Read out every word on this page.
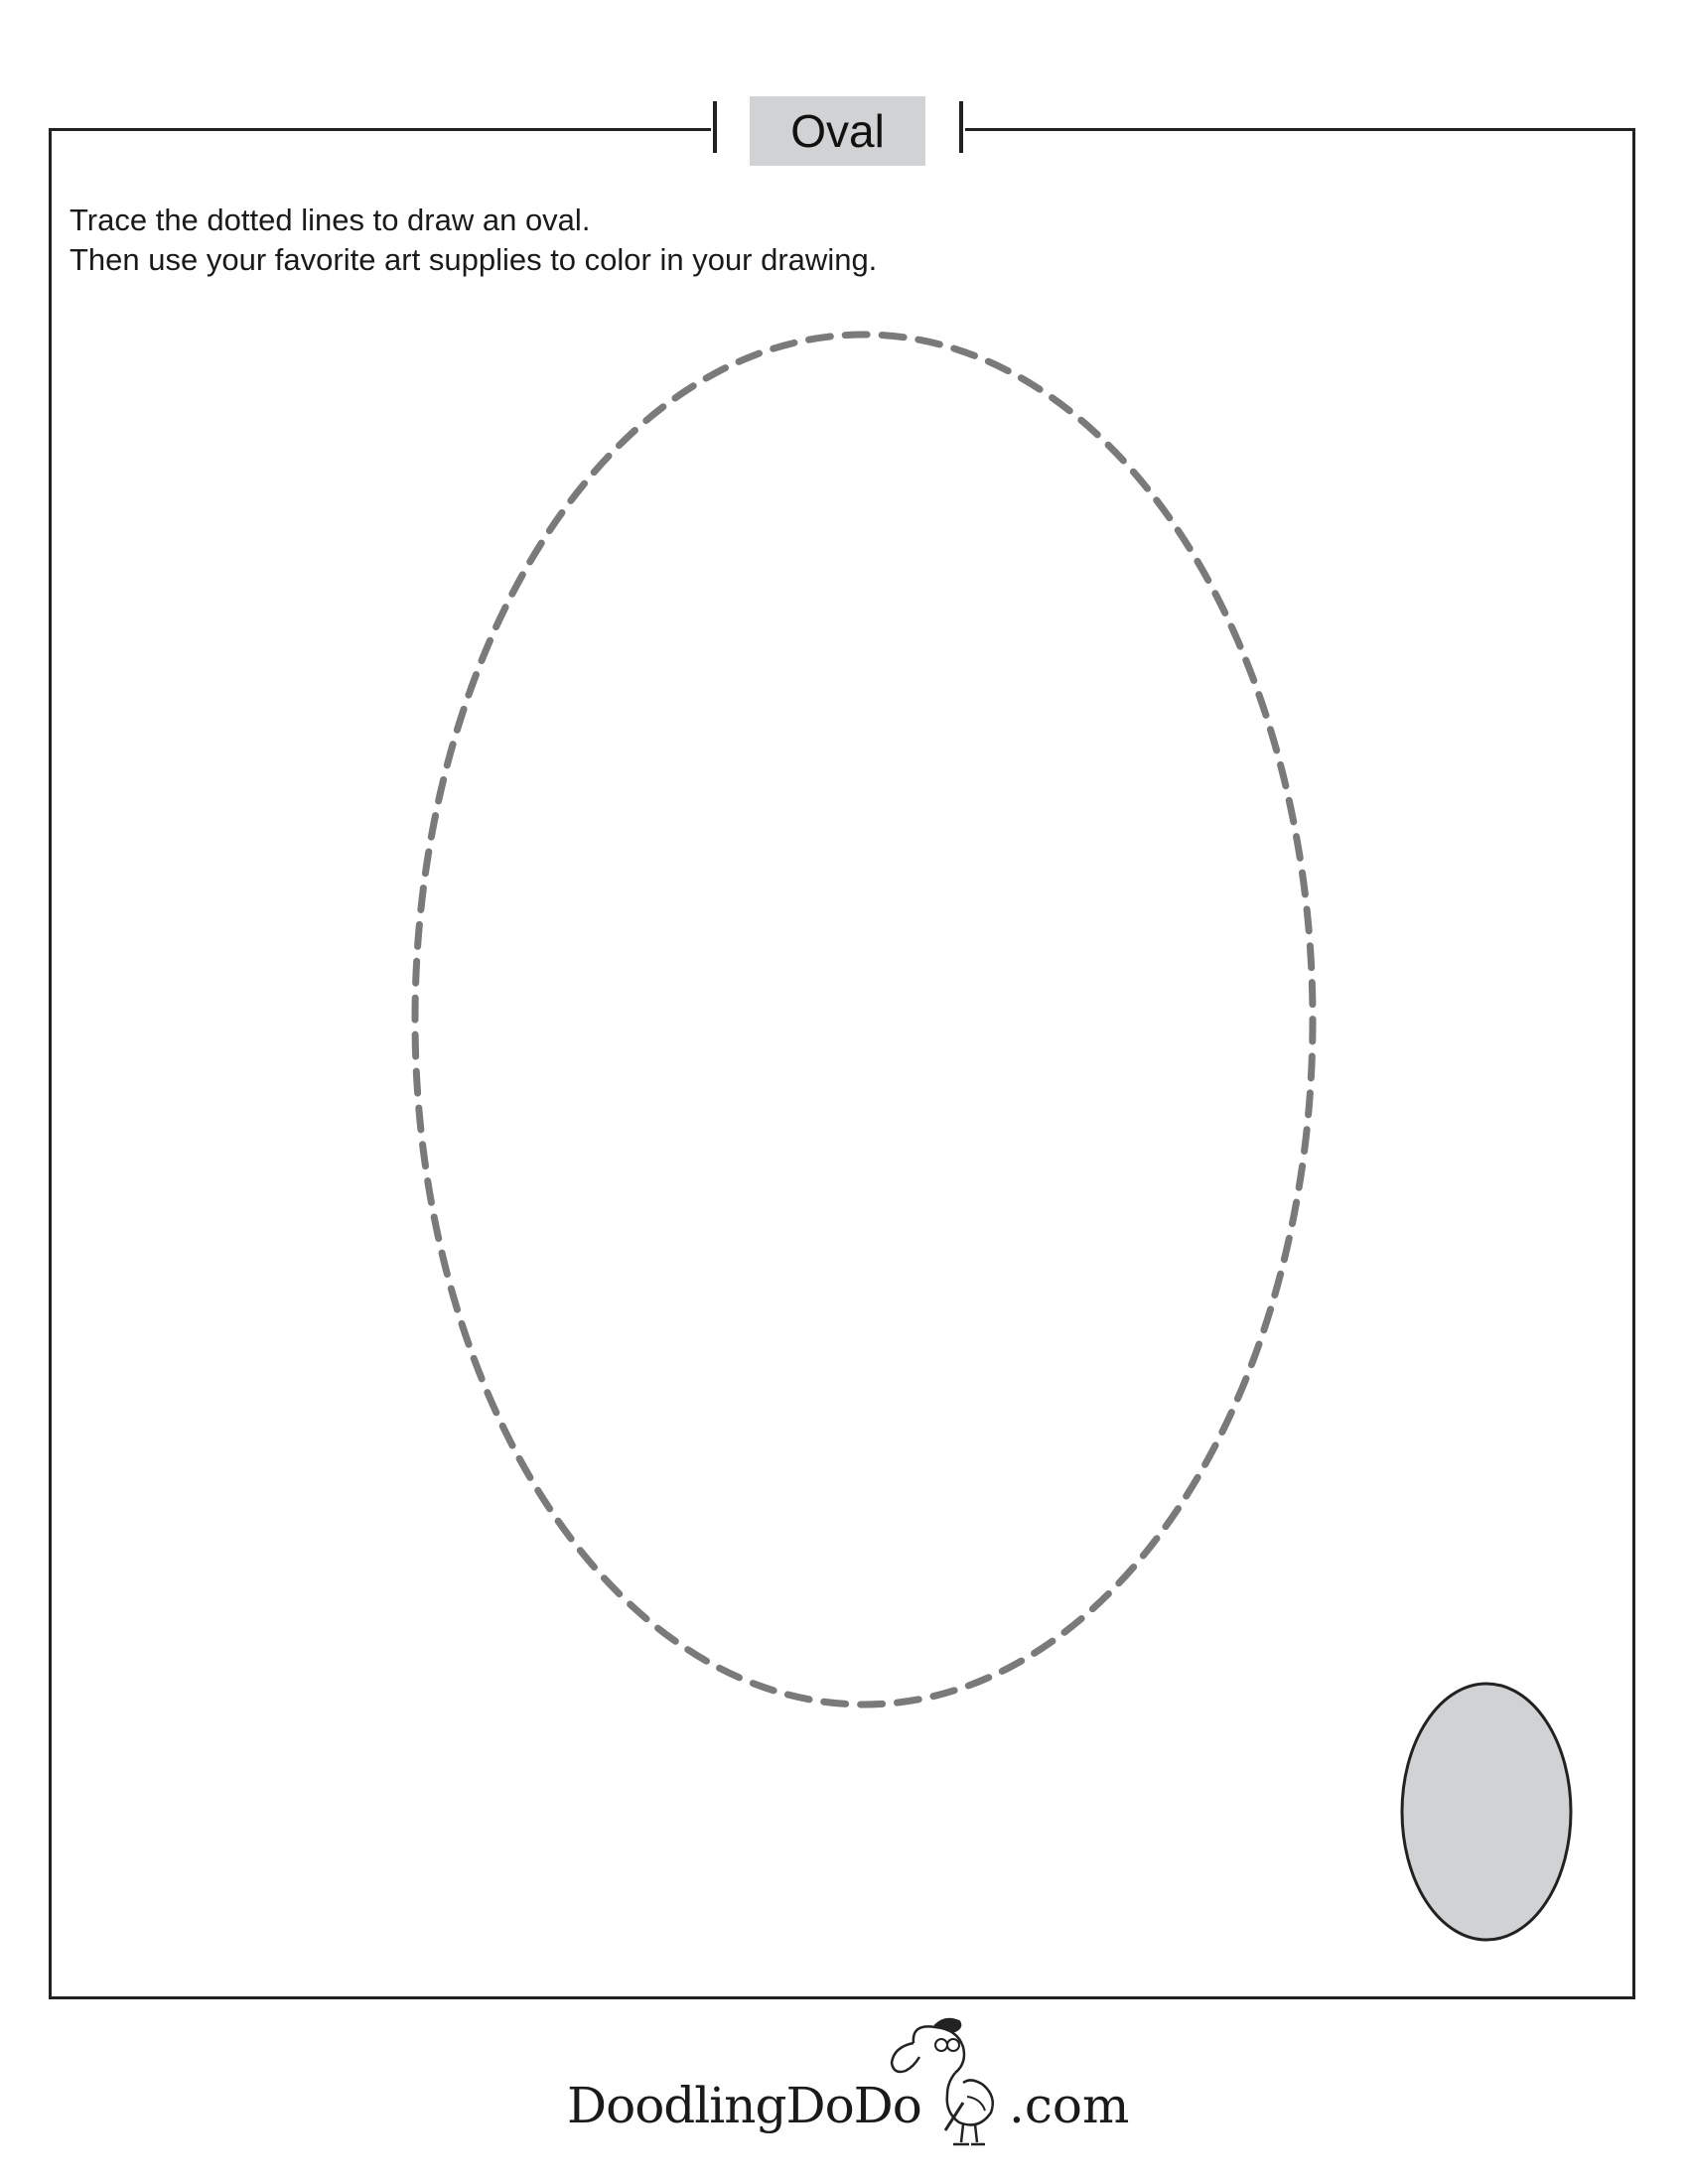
Oval
Trace the dotted lines to draw an oval.
Then use your favorite art supplies to color in your drawing.
DoodlingDoDo .com
